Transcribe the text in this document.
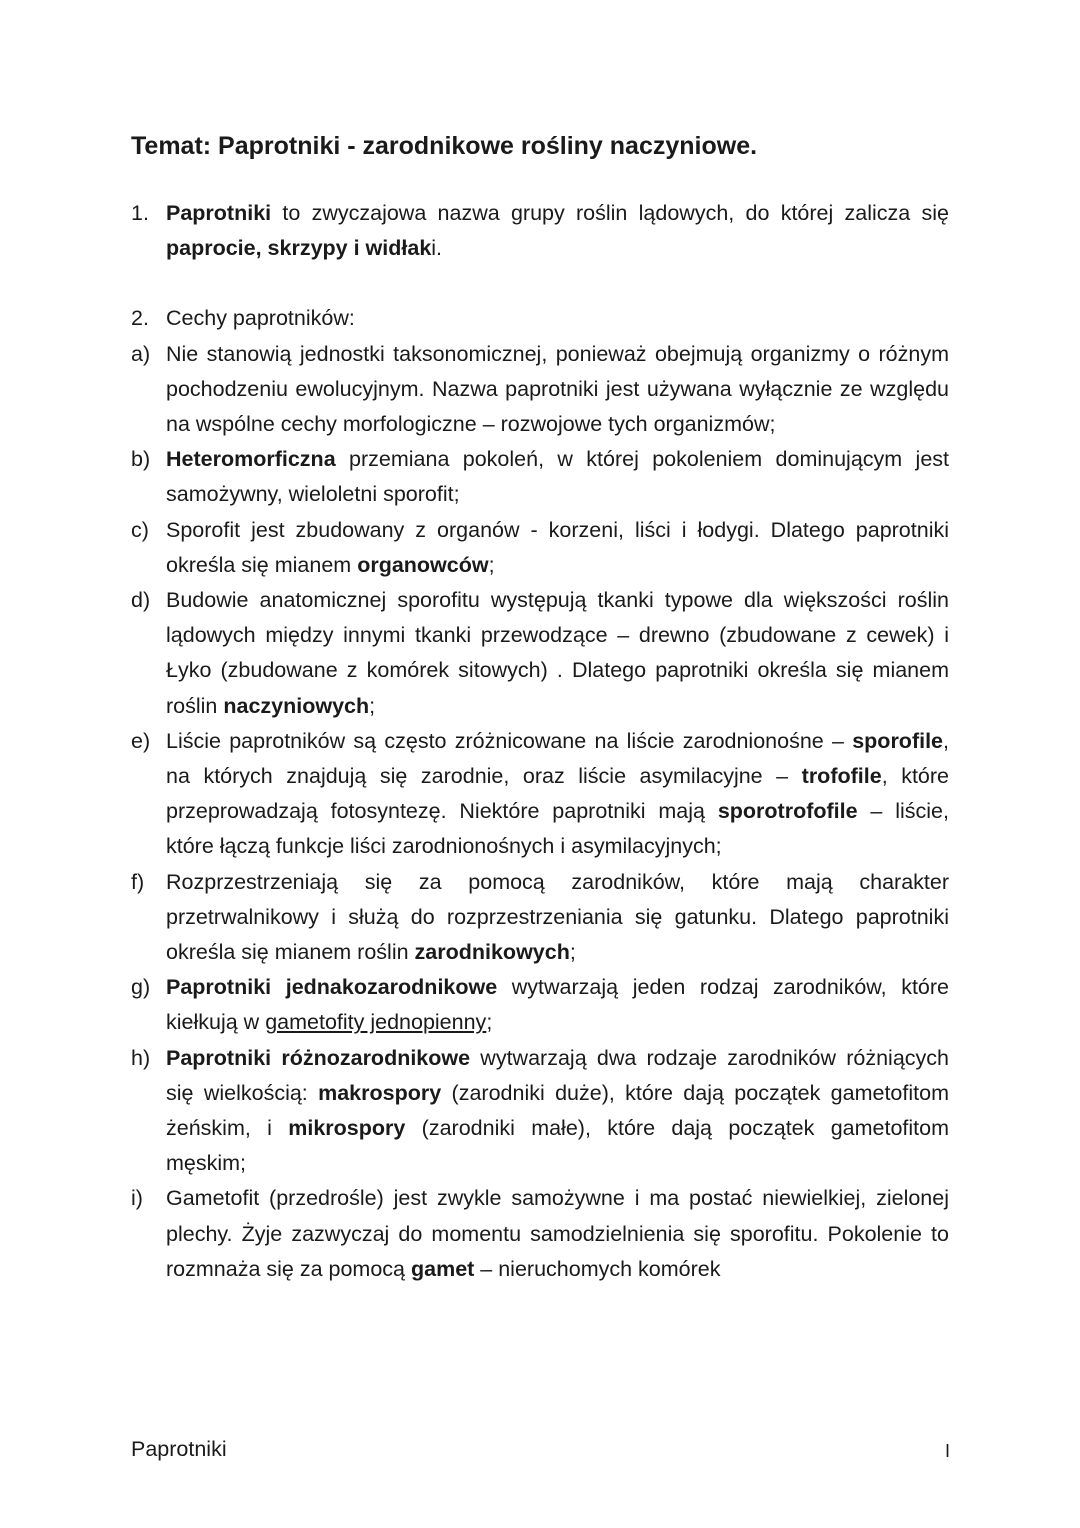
Temat: Paprotniki - zarodnikowe rośliny naczyniowe.
1. Paprotniki to zwyczajowa nazwa grupy roślin lądowych, do której zalicza się paprocie, skrzypy i widłaki.
2. Cechy paprotników:
a) Nie stanowią jednostki taksonomicznej, ponieważ obejmują organizmy o różnym pochodzeniu ewolucyjnym. Nazwa paprotniki jest używana wyłącznie ze względu na wspólne cechy morfologiczne – rozwojowe tych organizmów;
b) Heteromorficzna przemiana pokoleń, w której pokoleniem dominującym jest samożywny, wieloletni sporofit;
c) Sporofit jest zbudowany z organów - korzeni, liści i łodygi. Dlatego paprotniki określa się mianem organowców;
d) Budowie anatomicznej sporofitu występują tkanki typowe dla większości roślin lądowych między innymi tkanki przewodzące – drewno (zbudowane z cewek) i Łyko (zbudowane z komórek sitowych) . Dlatego paprotniki określa się mianem roślin naczyniowych;
e) Liście paprotników są często zróżnicowane na liście zarodnionośne – sporofile, na których znajdują się zarodnie, oraz liście asymilacyjne – trofofile, które przeprowadzają fotosyntezę. Niektóre paprotniki mają sporotrofofile – liście, które łączą funkcje liści zarodnionośnych i asymilacyjnych;
f)	Rozprzestrzeniają się za pomocą zarodników, które mają charakter przetrwalnikowy i służą do rozprzestrzeniania się gatunku. Dlatego paprotniki określa się mianem roślin zarodnikowych;
g) Paprotniki jednakozarodnikowe wytwarzają jeden rodzaj zarodników, które kiełkują w gametofity jednopienny;
h) Paprotniki różnozarodnikowe wytwarzają dwa rodzaje zarodników różniących się wielkością: makrospory (zarodniki duże), które dają początek gametofitom żeńskim, i mikrospory (zarodniki małe), które dają początek gametofitom męskim;
i)	Gametofit (przedrośle) jest zwykle samożywne i ma postać niewielkiej, zielonej plechy. Żyje zazwyczaj do momentu samodzielnienia się sporofitu. Pokolenie to rozmnaża się za pomocą gamet – nieruchomych komórek
Paprotniki	I
